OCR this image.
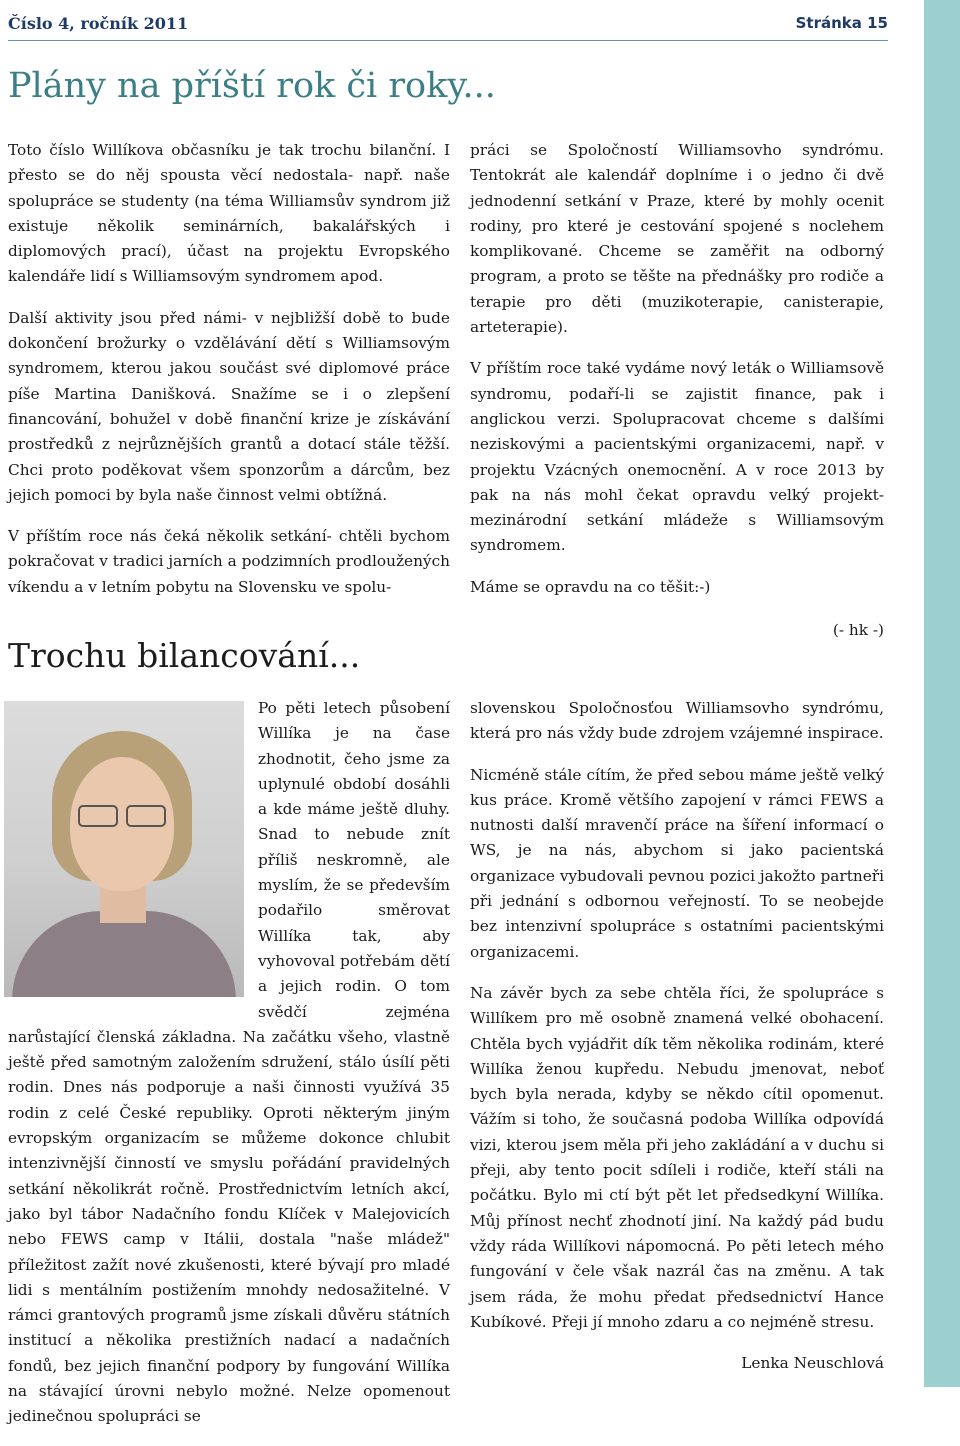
Číslo 4, ročník 2011	Stránka 15
Plány na příští rok či roky...

Toto číslo Willíkova občasníku je tak trochu bilanční. I přesto se do něj spousta věcí nedostala- např. naše spolupráce se studenty (na téma Williamsův syndrom již existuje několik seminárních, bakalářských i diplomových prací), účast na projektu Evropského kalendáře lidí s Williamsovým syndromem apod.

Další aktivity jsou před námi- v nejbližší době to bude dokončení brožurky o vzdělávání dětí s Williamsovým syndromem, kterou jakou součást své diplomové práce píše Martina Danišková. Snažíme se i o zlepšení financování, bohužel v době finanční krize je získávání prostředků z nejrůznějších grantů a dotací stále těžší. Chci proto poděkovat všem sponzorům a dárcům, bez jejich pomoci by byla naše činnost velmi obtížná.

V příštím roce nás čeká několik setkání- chtěli bychom pokračovat v tradici jarních a podzimních prodloužených víkendu a v letním pobytu na Slovensku ve spolu-

práci se Spoločností Williamsovho syndrómu. Tentokrát ale kalendář doplníme i o jedno či dvě jednodenní setkání v Praze, které by mohly ocenit rodiny, pro které je cestování spojené s noclehem komplikované. Chceme se zaměřit na odborný program, a proto se těšte na přednášky pro rodiče a terapie pro děti (muzikoterapie, canisterapie, arteterapie).

V příštím roce také vydáme nový leták o Williamsově syndromu, podaří-li se zajistit finance, pak i anglickou verzi. Spolupracovat chceme s dalšími neziskovými a pacientskými organizacemi, např. v projektu Vzácných onemocnění. A v roce 2013 by pak na nás mohl čekat opravdu velký projekt- mezinárodní setkání mládeže s Williamsovým syndromem.

Máme se opravdu na co těšit:-)

(- hk -)

Trochu bilancování...

Po pěti letech působení Willíka je na čase zhodnotit, čeho jsme za uplynulé období dosáhli a kde máme ještě dluhy. Snad to nebude znít příliš neskromně, ale myslím, že se především podařilo směrovat Willíka tak, aby vyhovoval potřebám dětí a jejich rodin. O tom svědčí zejména narůstající členská základna. Na začátku všeho, vlastně ještě před samotným založením sdružení, stálo úsílí pěti rodin. Dnes nás podporuje a naši činnosti využívá 35 rodin z celé České republiky. Oproti některým jiným evropským organizacím se můžeme dokonce chlubit intenzivnější činností ve smyslu pořádání pravidelných setkání několikrát ročně. Prostřednictvím letních akcí, jako byl tábor Nadačního fondu Klíček v Malejovicích nebo FEWS camp v Itálii, dostala "naše mládež" příležitost zažít nové zkušenosti, které bývají pro mladé lidi s mentálním postižením mnohdy nedosažitelné. V rámci grantových programů jsme získali důvěru státních institucí a několika prestižních nadací a nadačních fondů, bez jejich finanční podpory by fungování Willíka na stávající úrovni nebylo možné. Nelze opomenout jedinečnou spolupráci se

slovenskou Spoločnosťou Williamsovho syndrómu, která pro nás vždy bude zdrojem vzájemné inspirace.

Nicméně stále cítím, že před sebou máme ještě velký kus práce. Kromě většího zapojení v rámci FEWS a nutnosti další mravenčí práce na šíření informací o WS, je na nás, abychom si jako pacientská organizace vybudovali pevnou pozici jakožto partneři při jednání s odbornou veřejností. To se neobejde bez intenzivní spolupráce s ostatními pacientskými organizacemi.

Na závěr bych za sebe chtěla říci, že spolupráce s Willíkem pro mě osobně znamená velké obohacení. Chtěla bych vyjádřit dík těm několika rodinám, které Willíka ženou kupředu. Nebudu jmenovat, neboť bych byla nerada, kdyby se někdo cítil opomenut. Vážím si toho, že současná podoba Willíka odpovídá vizi, kterou jsem měla při jeho zakládání a v duchu si přeji, aby tento pocit sdíleli i rodiče, kteří stáli na počátku. Bylo mi ctí být pět let předsedkyní Willíka. Můj přínost nechť zhodnotí jiní. Na každý pád budu vždy ráda Willíkovi nápomocná. Po pěti letech mého fungování v čele však nazrál čas na změnu. A tak jsem ráda, že mohu předat předsednictví Hance Kubíkové. Přeji jí mnoho zdaru a co nejméně stresu.

Lenka Neuschlová
